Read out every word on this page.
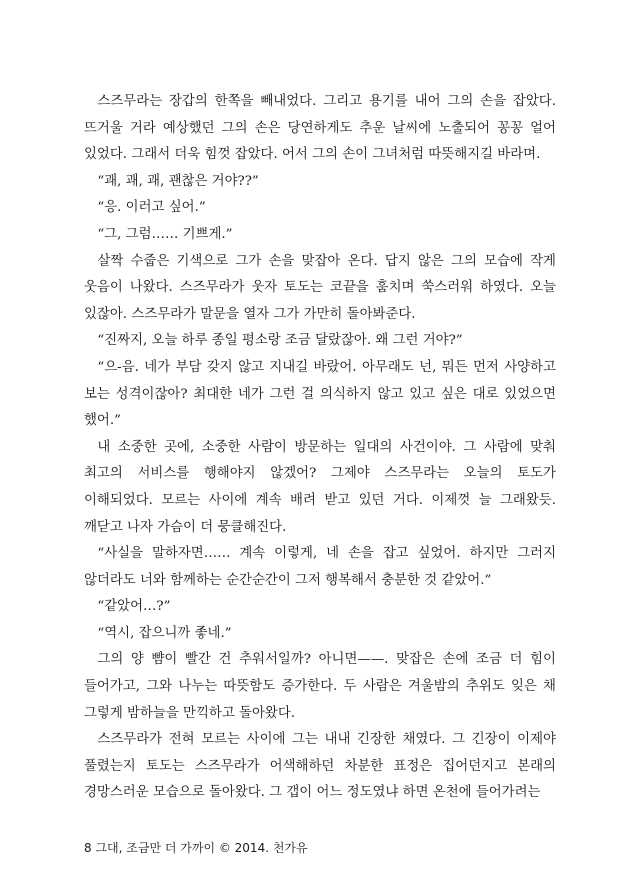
스즈무라는 장갑의 한쪽을 빼내었다. 그리고 용기를 내어 그의 손을 잡았다. 뜨거울 거라 예상했던 그의 손은 당연하게도 추운 날씨에 노출되어 꽁꽁 얼어 있었다. 그래서 더욱 힘껏 잡았다. 어서 그의 손이 그녀처럼 따뜻해지길 바라며.

“괘, 괘, 괘, 괜찮은 거야??”

“응. 이러고 싶어.”

“그, 그럼…… 기쁘게.”

살짝 수줍은 기색으로 그가 손을 맞잡아 온다. 답지 않은 그의 모습에 작게 웃음이 나왔다. 스즈무라가 웃자 토도는 코끝을 훔치며 쑥스러워 하였다. 오늘 있잖아. 스즈무라가 말문을 열자 그가 가만히 돌아봐준다.

“진짜지, 오늘 하루 종일 평소랑 조금 달랐잖아. 왜 그런 거야?”

“으-음. 네가 부담 갖지 않고 지내길 바랐어. 아무래도 넌, 뭐든 먼저 사양하고 보는 성격이잖아? 최대한 네가 그런 걸 의식하지 않고 있고 싶은 대로 있었으면 했어.”

내 소중한 곳에, 소중한 사람이 방문하는 일대의 사건이야. 그 사람에 맞춰 최고의 서비스를 행해야지 않겠어? 그제야 스즈무라는 오늘의 토도가 이해되었다. 모르는 사이에 계속 배려 받고 있던 거다. 이제껏 늘 그래왔듯. 깨닫고 나자 가슴이 더 뭉클해진다.

“사실을 말하자면…… 계속 이렇게, 네 손을 잡고 싶었어. 하지만 그러지 않더라도 너와 함께하는 순간순간이 그저 행복해서 충분한 것 같았어.”

“같았어…?”

“역시, 잡으니까 좋네.”

그의 양 뺨이 빨간 건 추워서일까? 아니면——. 맞잡은 손에 조금 더 힘이 들어가고, 그와 나누는 따뜻함도 증가한다. 두 사람은 겨울밤의 추위도 잊은 채 그렇게 밤하늘을 만끽하고 돌아왔다.

스즈무라가 전혀 모르는 사이에 그는 내내 긴장한 채였다. 그 긴장이 이제야 풀렸는지 토도는 스즈무라가 어색해하던 차분한 표정은 집어던지고 본래의 경망스러운 모습으로 돌아왔다. 그 갭이 어느 정도였냐 하면 온천에 들어가려는

8 그대, 조금만 더 가까이 © 2014. 천가유
